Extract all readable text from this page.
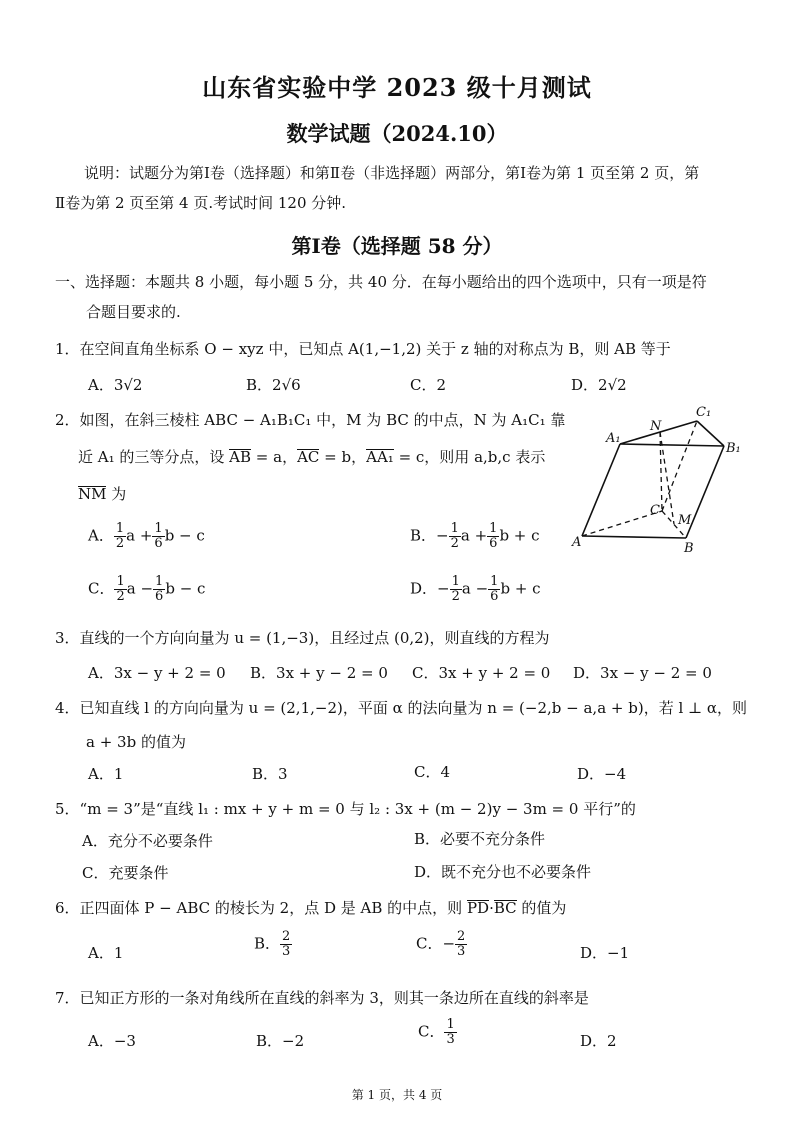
山东省实验中学 2023 级十月测试
数学试题（2024.10）
说明：试题分为第Ⅰ卷（选择题）和第Ⅱ卷（非选择题）两部分，第Ⅰ卷为第 1 页至第 2 页，第
Ⅱ卷为第 2 页至第 4 页.考试时间 120 分钟.
第Ⅰ卷（选择题 58 分）
一、选择题：本题共 8 小题，每小题 5 分，共 40 分．在每小题给出的四个选项中，只有一项是符
合题目要求的.
1．在空间直角坐标系 O − xyz 中，已知点 A(1,−1,2) 关于 z 轴的对称点为 B，则 AB 等于
A．3√2	B．2√6	C．2	D．2√2
2．如图，在斜三棱柱 ABC − A₁B₁C₁ 中，M 为 BC 的中点，N 为 A₁C₁ 靠
近 A₁ 的三等分点，设 AB = a，AC = b，AA₁ = c，则用 a,b,c 表示
NM 为
A． $\frac{1}{2}$ $a + \frac{1}{6}$ b − c	B．− $\frac{1}{2}$ $a + \frac{1}{6}$ b + c
C． $\frac{1}{2}$ $a - \frac{1}{6}$ b − c	D．− $\frac{1}{2}$ $a - \frac{1}{6}$ b + c
N
C₁
A₁
B₁
C
M
A	B
3．直线的一个方向向量为 u = (1,−3)，且经过点 (0,2)，则直线的方程为
A．3x − y + 2 = 0 B．3x + y − 2 = 0 C．3x + y + 2 = 0 D．3x − y − 2 = 0
4．已知直线 l 的方向向量为 u = (2,1,−2)，平面 α 的法向量为 n = (−2,b − a,a + b)，若 l ⊥ α，则
a + 3b 的值为
A．1	B．3	C．4	D．−4
5．“m = 3”是“直线 l₁ : mx + y + m = 0 与 l₂ : 3x + (m − 2)y − 3m = 0 平行”的
A．充分不必要条件	B．必要不充分条件
C．充要条件	D．既不充分也不必要条件
6．正四面体 P − ABC 的棱长为 2，点 D 是 AB 的中点，则 PD·BC 的值为
A．1
B． $\frac{2}{3}$	C．− $\frac{2}{3}$	D．−1
7．已知正方形的一条对角线所在直线的斜率为 3，则其一条边所在直线的斜率是
A．−3	B．−2
C． $\frac{1}{3}$	D．2
第 1 页，共 4 页
